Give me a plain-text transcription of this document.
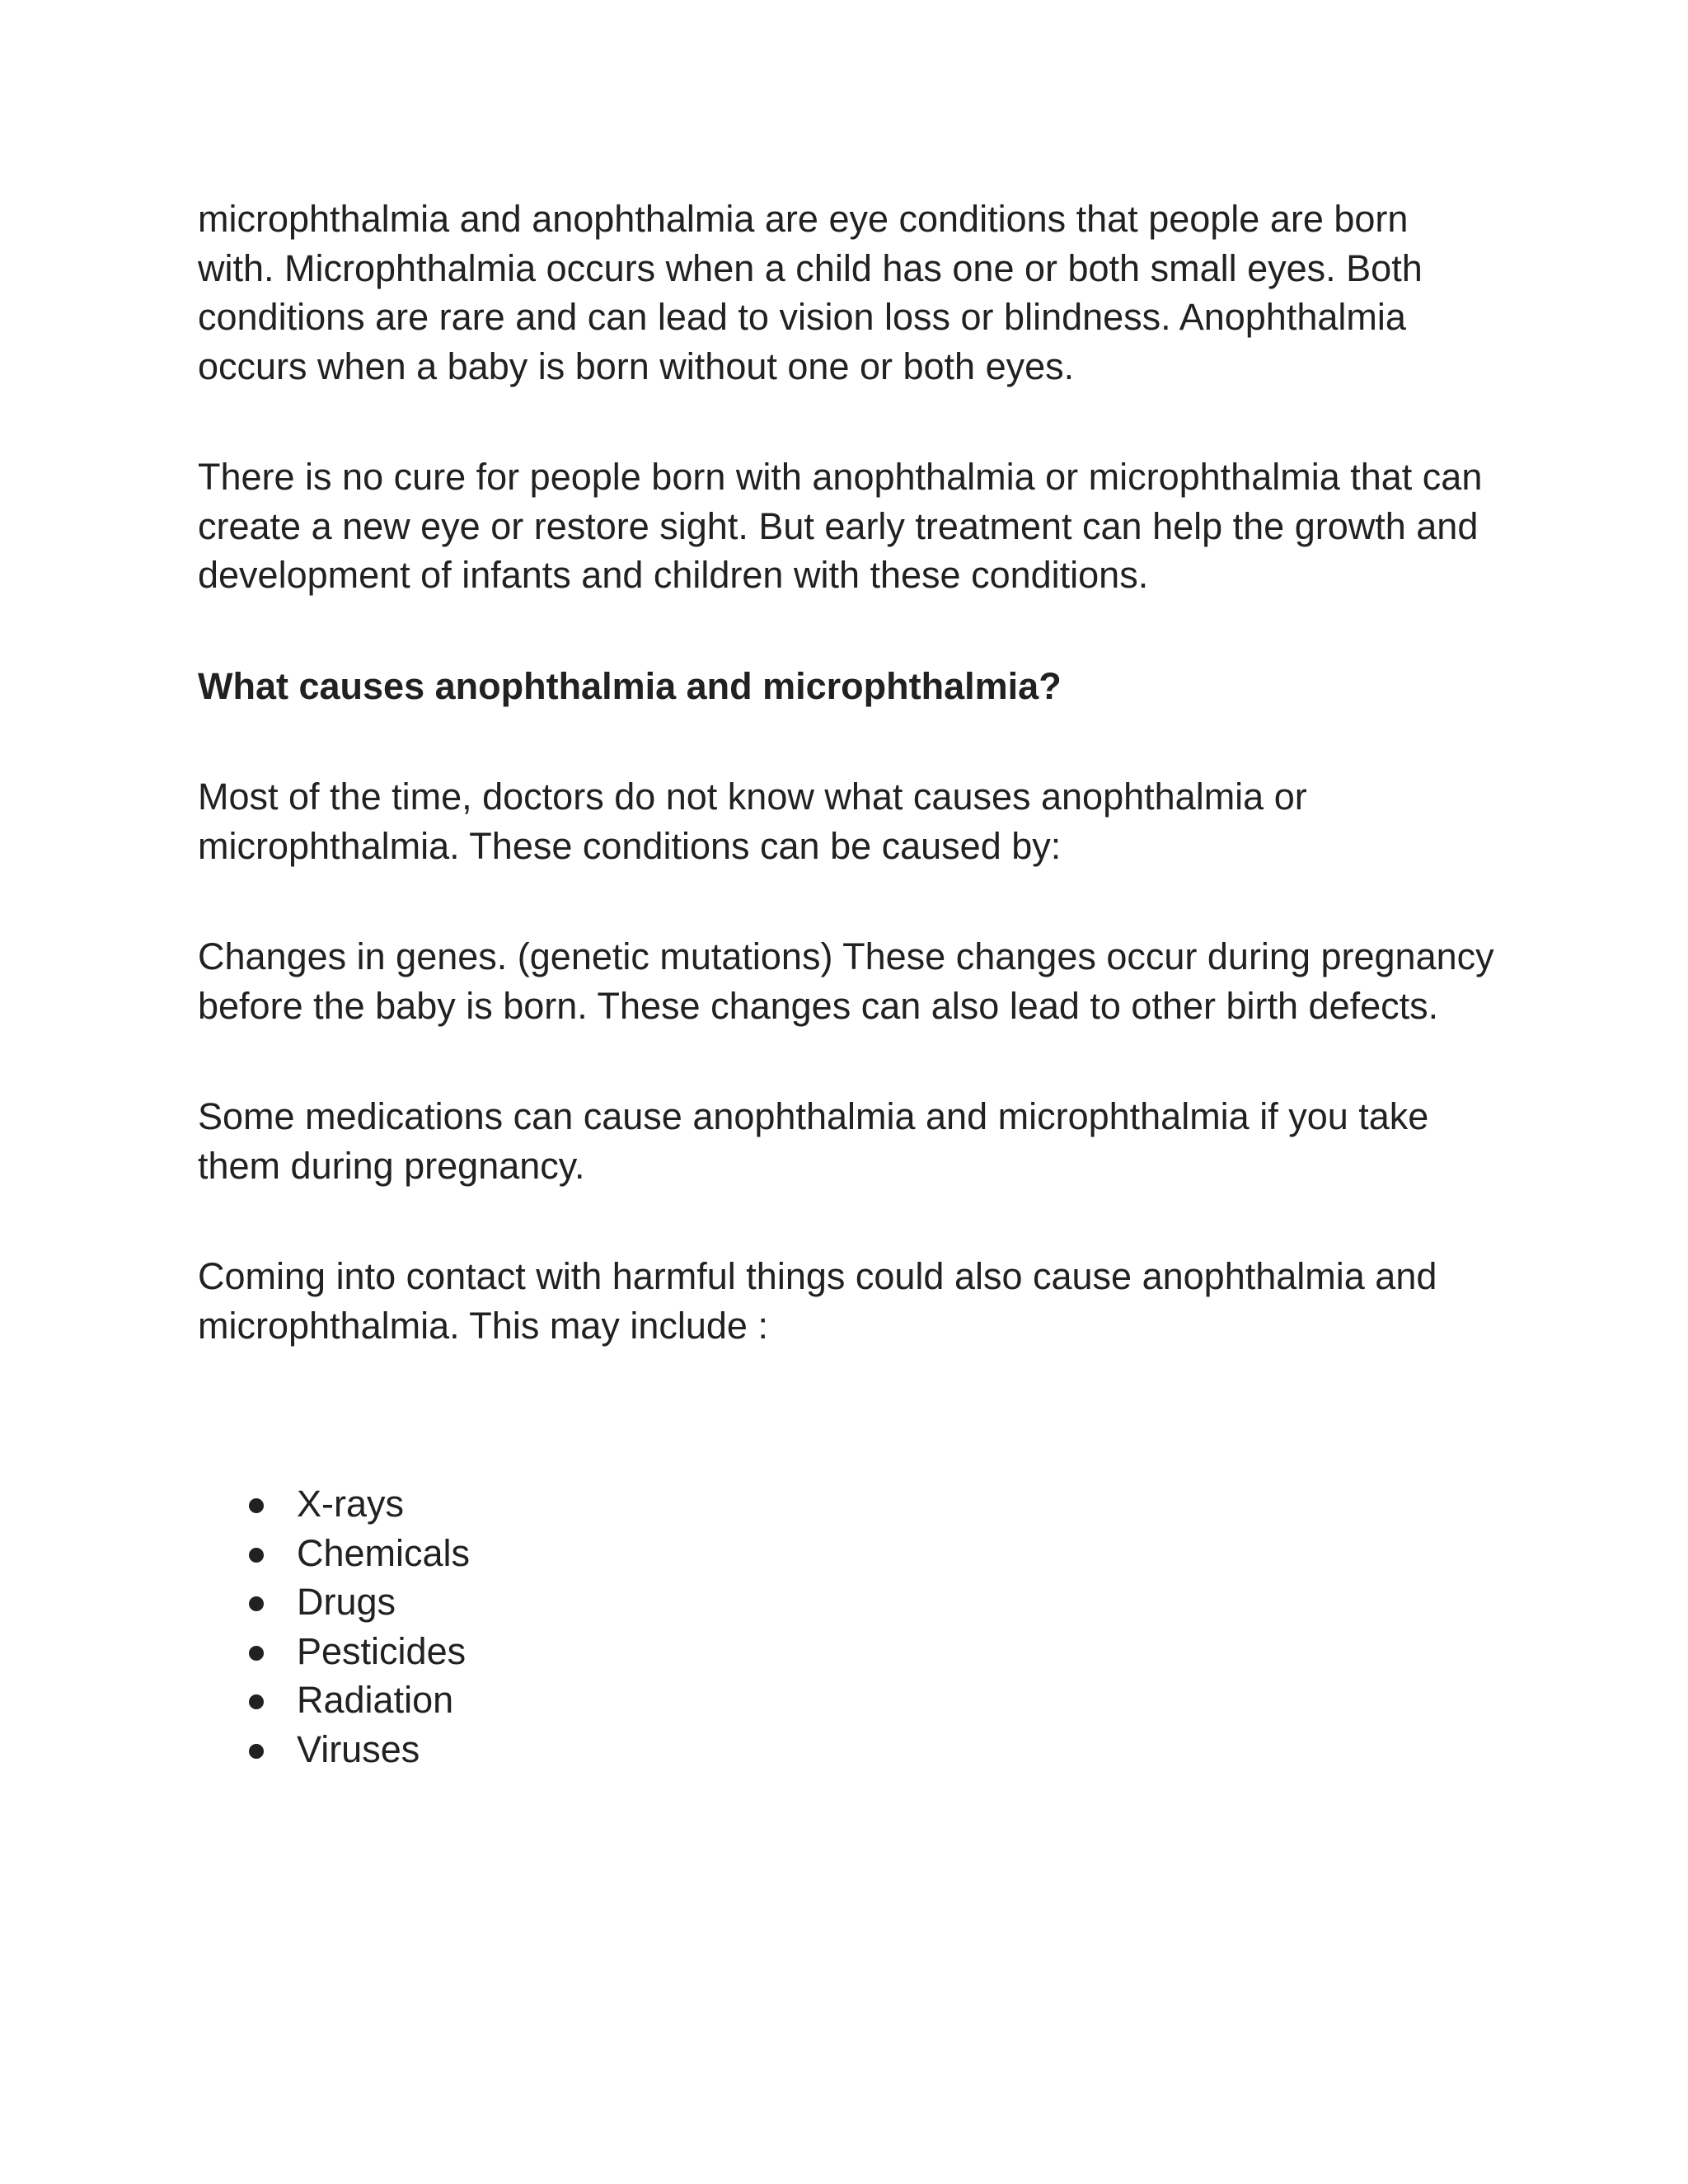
microphthalmia and anophthalmia are eye conditions that people are born with. Microphthalmia occurs when a child has one or both small eyes. Both conditions are rare and can lead to vision loss or blindness. Anophthalmia occurs when a baby is born without one or both eyes.

There is no cure for people born with anophthalmia or microphthalmia that can create a new eye or restore sight. But early treatment can help the growth and development of infants and children with these conditions.

What causes anophthalmia and microphthalmia?

Most of the time, doctors do not know what causes anophthalmia or microphthalmia. These conditions can be caused by:

Changes in genes. (genetic mutations) These changes occur during pregnancy before the baby is born. These changes can also lead to other birth defects.

Some medications can cause anophthalmia and microphthalmia if you take them during pregnancy.

Coming into contact with harmful things could also cause anophthalmia and microphthalmia. This may include :

X-rays
Chemicals
Drugs
Pesticides
Radiation
Viruses
